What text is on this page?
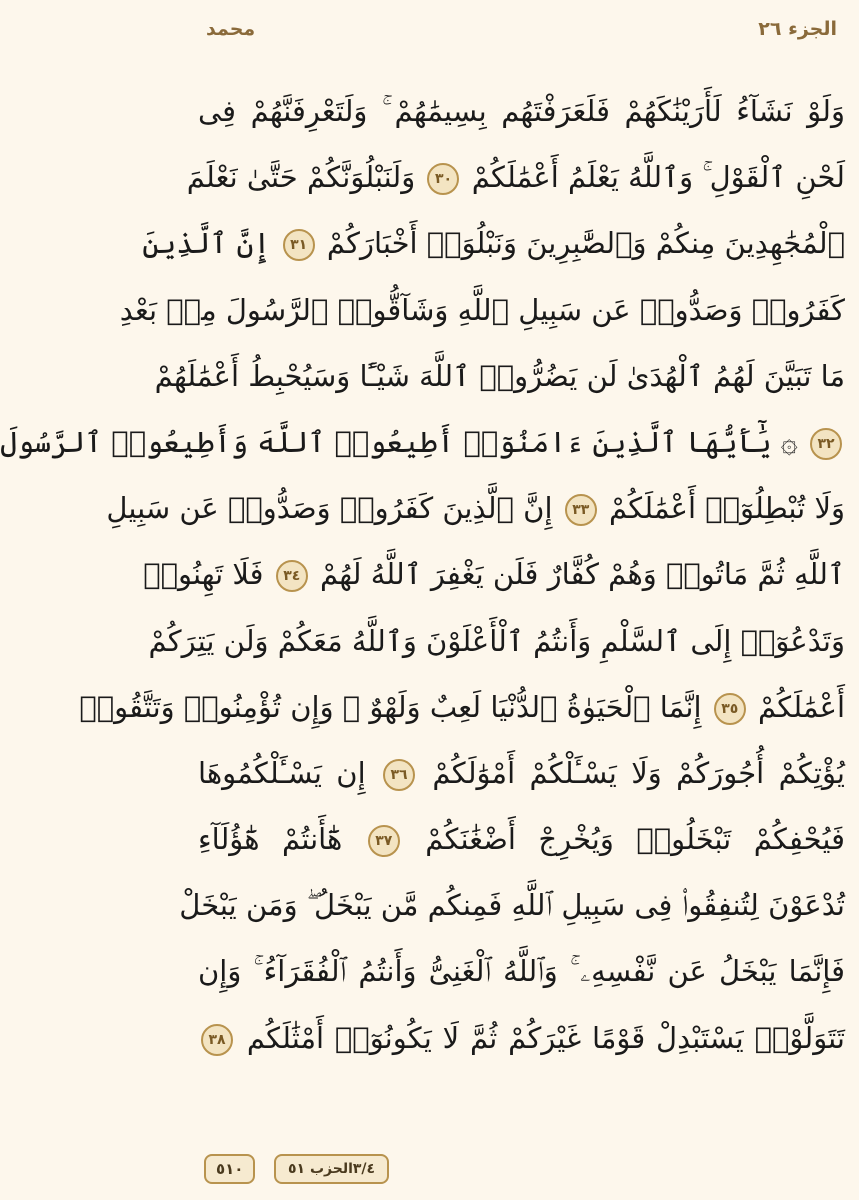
الجزء ٢٦
محمد
وَلَوْ نَشَآءُ لَأَرَيْنَٰكَهُمْ فَلَعَرَفْتَهُم بِسِيمَٰهُمْ ۚ وَلَتَعْرِفَنَّهُمْ فِى
لَحْنِ ٱلْقَوْلِ ۚ وَٱللَّهُ يَعْلَمُ أَعْمَٰلَكُمْ ٣٠ وَلَنَبْلُوَنَّكُمْ حَتَّىٰ نَعْلَمَ
ٱلْمُجَٰهِدِينَ مِنكُمْ وَٱلصَّٰبِرِينَ وَنَبْلُوَا۟ أَخْبَارَكُمْ ٣١ إِنَّ ٱلَّذِينَ
كَفَرُوا۟ وَصَدُّوا۟ عَن سَبِيلِ ٱللَّهِ وَشَآقُّوا۟ ٱلرَّسُولَ مِنۢ بَعْدِ
مَا تَبَيَّنَ لَهُمُ ٱلْهُدَىٰ لَن يَضُرُّوا۟ ٱللَّهَ شَيْـًٔا وَسَيُحْبِطُ أَعْمَٰلَهُمْ
٣٢ ۞ يَٰٓأَيُّهَا ٱلَّذِينَ ءَامَنُوٓا۟ أَطِيعُوا۟ ٱللَّهَ وَأَطِيعُوا۟ ٱلرَّسُولَ
وَلَا تُبْطِلُوٓا۟ أَعْمَٰلَكُمْ ٣٣ إِنَّ ٱلَّذِينَ كَفَرُوا۟ وَصَدُّوا۟ عَن سَبِيلِ
ٱللَّهِ ثُمَّ مَاتُوا۟ وَهُمْ كُفَّارٌ فَلَن يَغْفِرَ ٱللَّهُ لَهُمْ ٣٤ فَلَا تَهِنُوا۟
وَتَدْعُوٓا۟ إِلَى ٱلسَّلْمِ وَأَنتُمُ ٱلْأَعْلَوْنَ وَٱللَّهُ مَعَكُمْ وَلَن يَتِرَكُمْ
أَعْمَٰلَكُمْ ٣٥ إِنَّمَا ٱلْحَيَوٰةُ ٱلدُّنْيَا لَعِبٌ وَلَهْوٌ ۚ وَإِن تُؤْمِنُوا۟ وَتَتَّقُوا۟
يُؤْتِكُمْ أُجُورَكُمْ وَلَا يَسْـَٔلْكُمْ أَمْوَٰلَكُمْ ٣٦ إِن يَسْـَٔلْكُمُوهَا
فَيُحْفِكُمْ تَبْخَلُوا۟ وَيُخْرِجْ أَضْغَٰنَكُمْ ٣٧ هَٰٓأَنتُمْ هَٰٓؤُلَآءِ
تُدْعَوْنَ لِتُنفِقُوا۟ فِى سَبِيلِ ٱللَّهِ فَمِنكُم مَّن يَبْخَلُ ۖ وَمَن يَبْخَلْ
فَإِنَّمَا يَبْخَلُ عَن نَّفْسِهِۦ ۚ وَٱللَّهُ ٱلْغَنِىُّ وَأَنتُمُ ٱلْفُقَرَآءُ ۚ وَإِن
تَتَوَلَّوْا۟ يَسْتَبْدِلْ قَوْمًا غَيْرَكُمْ ثُمَّ لَا يَكُونُوٓا۟ أَمْثَٰلَكُم ٣٨
٥١٠	٣/٤الحزب ٥١
